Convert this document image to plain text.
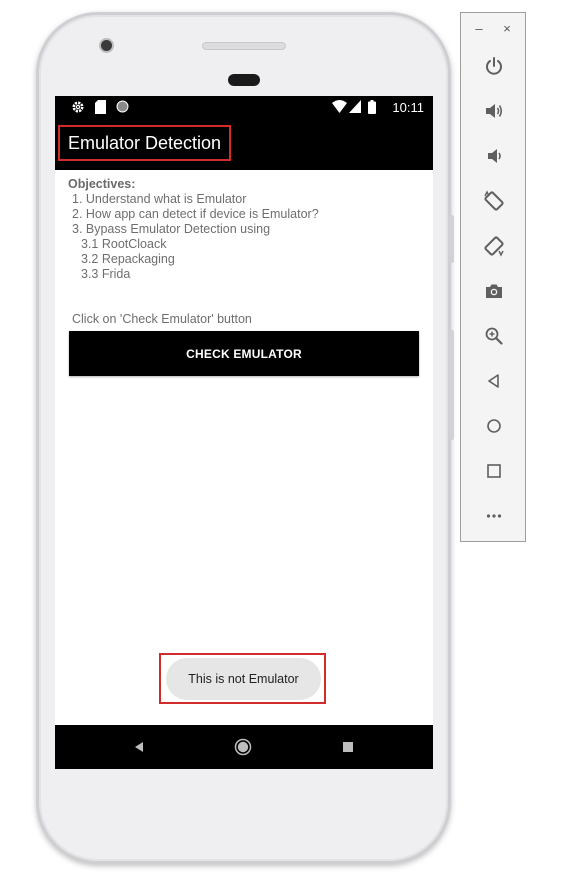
10:11
Emulator Detection
Objectives:
1. Understand what is Emulator
2. How app can detect if device is Emulator?
3. Bypass Emulator Detection using
3.1 RootCloack
3.2 Repackaging
3.3 Frida
Click on 'Check Emulator' button
CHECK EMULATOR
This is not Emulator
–	×
